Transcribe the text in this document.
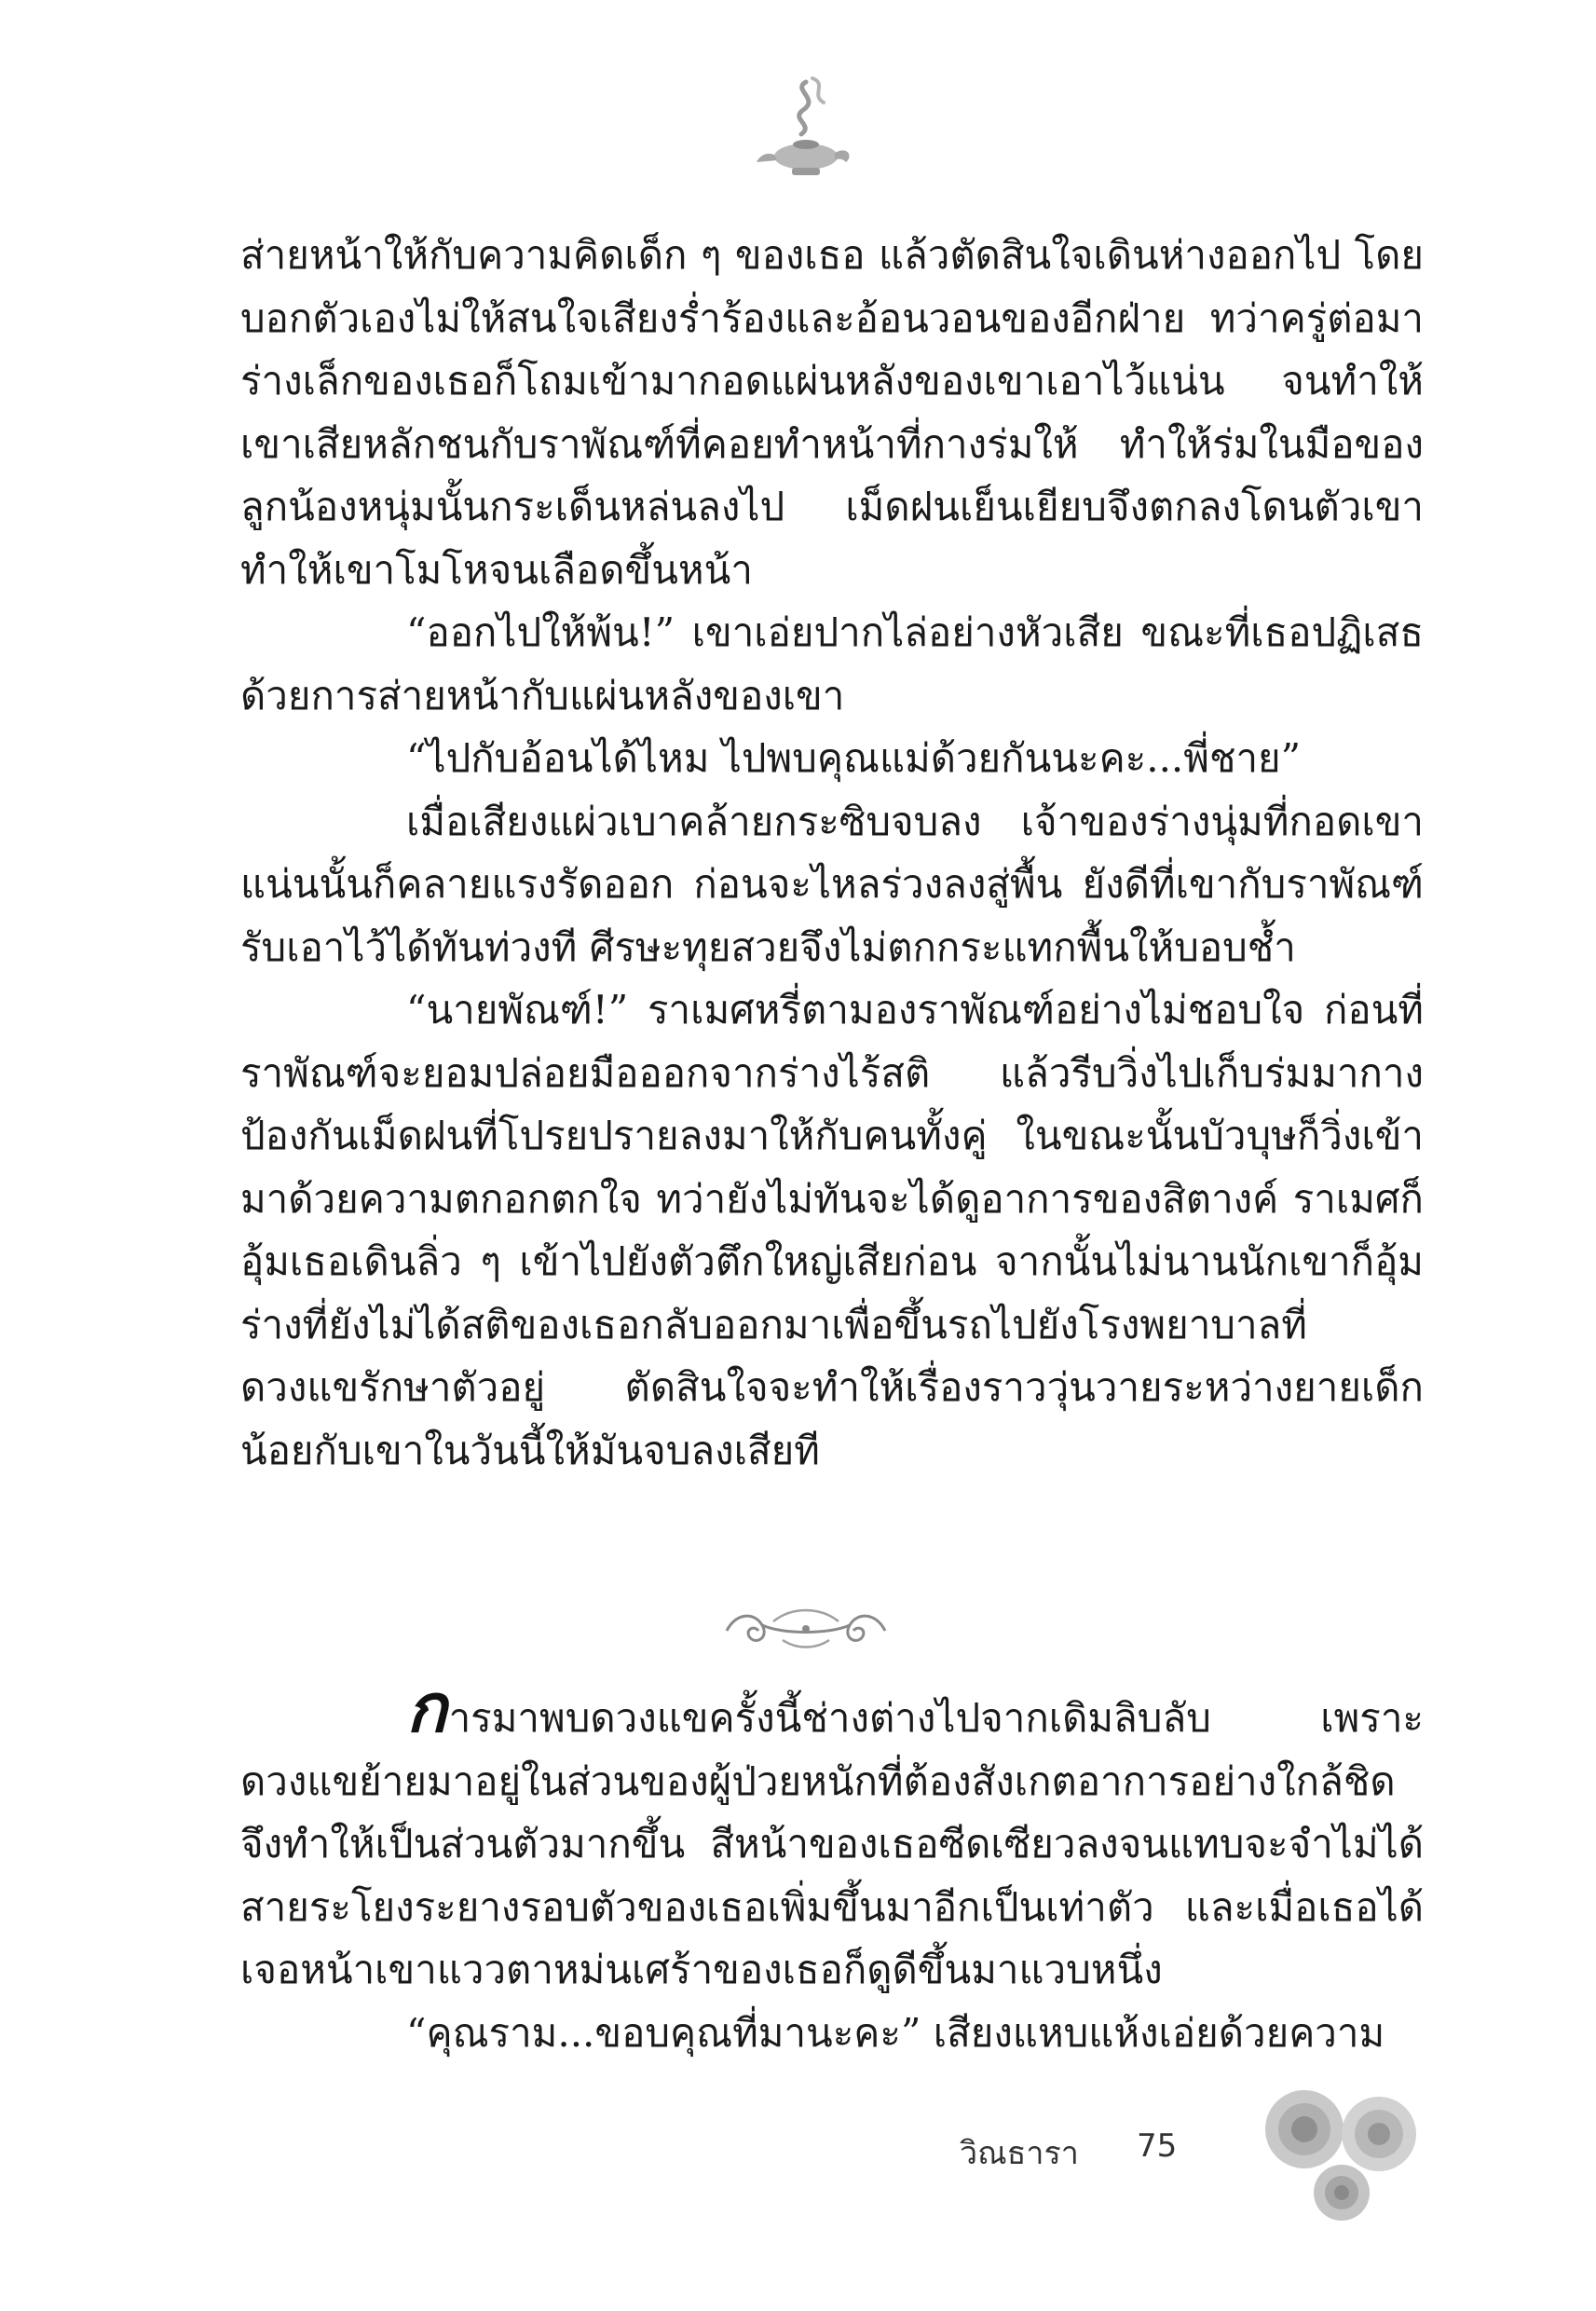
ส่ายหน้าให้กับความคิดเด็ก ๆ ของเธอ แล้วตัดสินใจเดินห่างออกไป โดยบอกตัวเองไม่ให้สนใจเสียงร่ำร้องและอ้อนวอนของอีกฝ่าย ทว่าครู่ต่อมาร่างเล็กของเธอก็โถมเข้ามากอดแผ่นหลังของเขาเอาไว้แน่น จนทำให้เขาเสียหลักชนกับราพัณฑ์ที่คอยทำหน้าที่กางร่มให้ ทำให้ร่มในมือของลูกน้องหนุ่มนั้นกระเด็นหล่นลงไป เม็ดฝนเย็นเยียบจึงตกลงโดนตัวเขาทำให้เขาโมโหจนเลือดขึ้นหน้า

“ออกไปให้พ้น!” เขาเอ่ยปากไล่อย่างหัวเสีย ขณะที่เธอปฏิเสธด้วยการส่ายหน้ากับแผ่นหลังของเขา

“ไปกับอ้อนได้ไหม ไปพบคุณแม่ด้วยกันนะคะ...พี่ชาย”

เมื่อเสียงแผ่วเบาคล้ายกระซิบจบลง เจ้าของร่างนุ่มที่กอดเขาแน่นนั้นก็คลายแรงรัดออก ก่อนจะไหลร่วงลงสู่พื้น ยังดีที่เขากับราพัณฑ์รับเอาไว้ได้ทันท่วงที ศีรษะทุยสวยจึงไม่ตกกระแทกพื้นให้บอบช้ำ

“นายพัณฑ์!” ราเมศหรี่ตามองราพัณฑ์อย่างไม่ชอบใจ ก่อนที่ราพัณฑ์จะยอมปล่อยมือออกจากร่างไร้สติ แล้วรีบวิ่งไปเก็บร่มมากางป้องกันเม็ดฝนที่โปรยปรายลงมาให้กับคนทั้งคู่ ในขณะนั้นบัวบุษก็วิ่งเข้ามาด้วยความตกอกตกใจ ทว่ายังไม่ทันจะได้ดูอาการของสิตางค์ ราเมศก็อุ้มเธอเดินลิ่ว ๆ เข้าไปยังตัวตึกใหญ่เสียก่อน จากนั้นไม่นานนักเขาก็อุ้มร่างที่ยังไม่ได้สติของเธอกลับออกมาเพื่อขึ้นรถไปยังโรงพยาบาลที่ดวงแขรักษาตัวอยู่ ตัดสินใจจะทำให้เรื่องราววุ่นวายระหว่างยายเด็กน้อยกับเขาในวันนี้ให้มันจบลงเสียที

การมาพบดวงแขครั้งนี้ช่างต่างไปจากเดิมลิบลับ เพราะดวงแขย้ายมาอยู่ในส่วนของผู้ป่วยหนักที่ต้องสังเกตอาการอย่างใกล้ชิด จึงทำให้เป็นส่วนตัวมากขึ้น สีหน้าของเธอซีดเซียวลงจนแทบจะจำไม่ได้ สายระโยงระยางรอบตัวของเธอเพิ่มขึ้นมาอีกเป็นเท่าตัว และเมื่อเธอได้เจอหน้าเขาแววตาหม่นเศร้าของเธอก็ดูดีขึ้นมาแวบหนึ่ง

“คุณราม...ขอบคุณที่มานะคะ” เสียงแหบแห้งเอ่ยด้วยความ

วิณธารา 75
